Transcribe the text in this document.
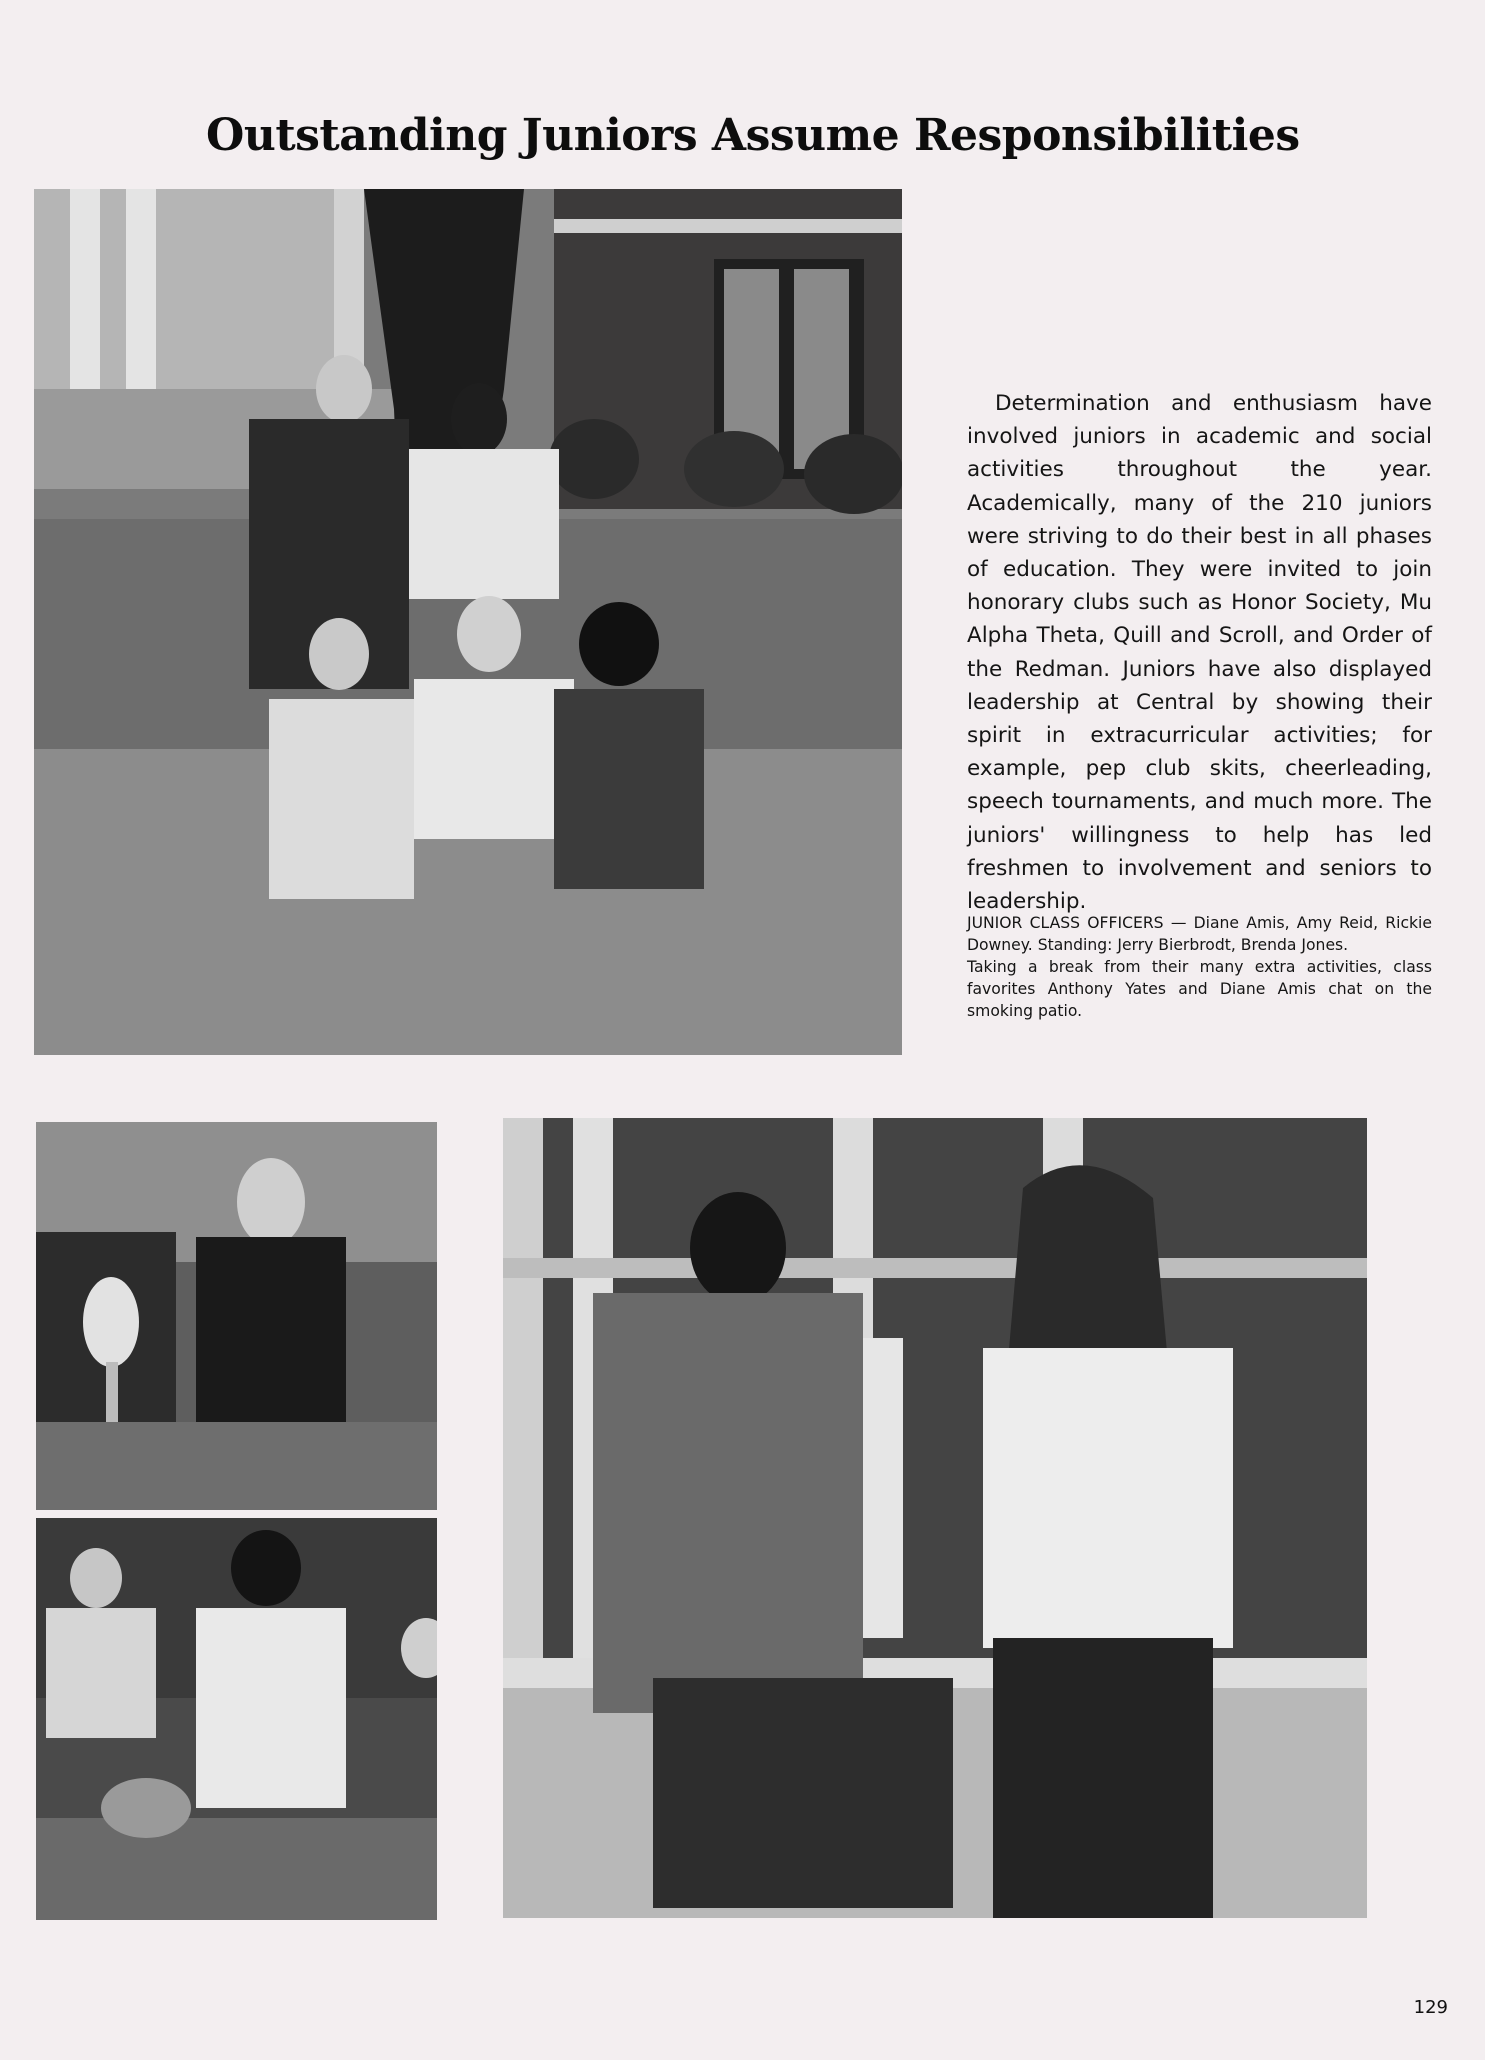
Outstanding Juniors Assume Responsibilities
Determination and enthusiasm have involved juniors in academic and social activities throughout the year. Academically, many of the 210 juniors were striving to do their best in all phases of education. They were invited to join honorary clubs such as Honor Society, Mu Alpha Theta, Quill and Scroll, and Order of the Redman. Juniors have also displayed leadership at Central by showing their spirit in extracurricular activities; for example, pep club skits, cheerleading, speech tournaments, and much more. The juniors' willingness to help has led freshmen to involvement and seniors to leadership.

JUNIOR CLASS OFFICERS — Diane Amis, Amy Reid, Rickie Downey. Standing: Jerry Bierbrodt, Brenda Jones.

Taking a break from their many extra activities, class favorites Anthony Yates and Diane Amis chat on the smoking patio.

129
